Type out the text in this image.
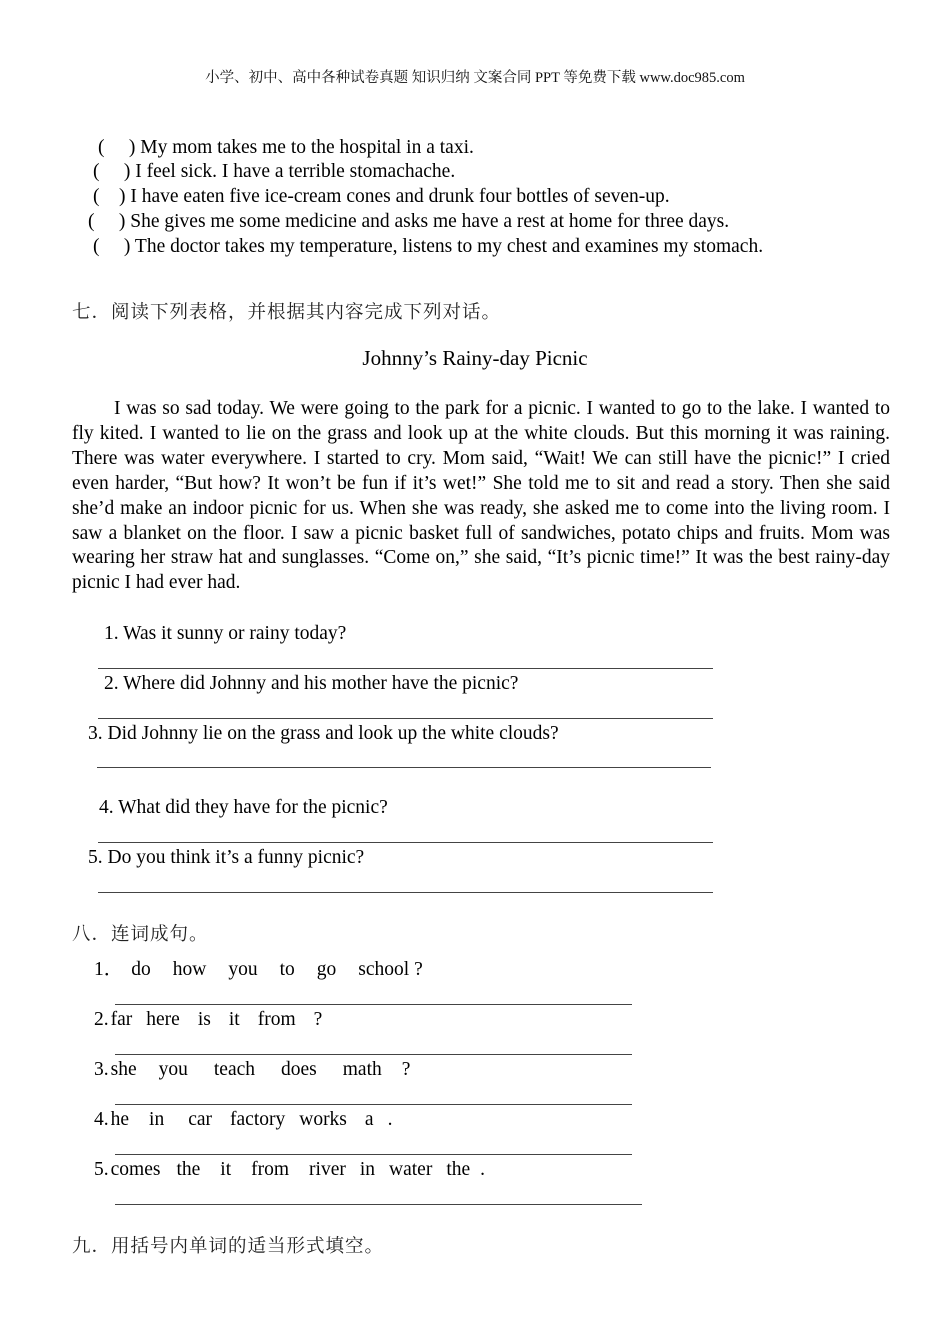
小学、初中、高中各种试卷真题 知识归纳 文案合同 PPT 等免费下载 www.doc985.com
(     ) My mom takes me to the hospital in a taxi.
(     ) I feel sick. I have a terrible stomachache.
(    ) I have eaten five ice-cream cones and drunk four bottles of seven-up.
(     ) She gives me some medicine and asks me have a rest at home for three days.
(     ) The doctor takes my temperature, listens to my chest and examines my stomach.
七．阅读下列表格，并根据其内容完成下列对话。
Johnny’s Rainy-day Picnic
I was so sad today. We were going to the park for a picnic. I wanted to go to the lake. I wanted to fly kited. I wanted to lie on the grass and look up at the white clouds. But this morning it was raining. There was water everywhere. I started to cry. Mom said, “Wait! We can still have the picnic!” I cried even harder, “But how? It won’t be fun if it’s wet!” She told me to sit and read a story. Then she said she’d make an indoor picnic for us. When she was ready, she asked me to come into the living room. I saw a blanket on the floor. I saw a picnic basket full of sandwiches, potato chips and fruits. Mom was wearing her straw hat and sunglasses. “Come on,” she said, “It’s picnic time!” It was the best rainy-day picnic I had ever had.
1. Was it sunny or rainy today?
2. Where did Johnny and his mother have the picnic?
3. Did Johnny lie on the grass and look up the white clouds?
4. What did they have for the picnic?
5. Do you think it’s a funny picnic?
八．连词成句。
1． do how you to go school ?
2. far here is it from ?
3. she you teach does math ?
4. he in car factory works a .
5. comes the it from river in water the .
九．用括号内单词的适当形式填空。
